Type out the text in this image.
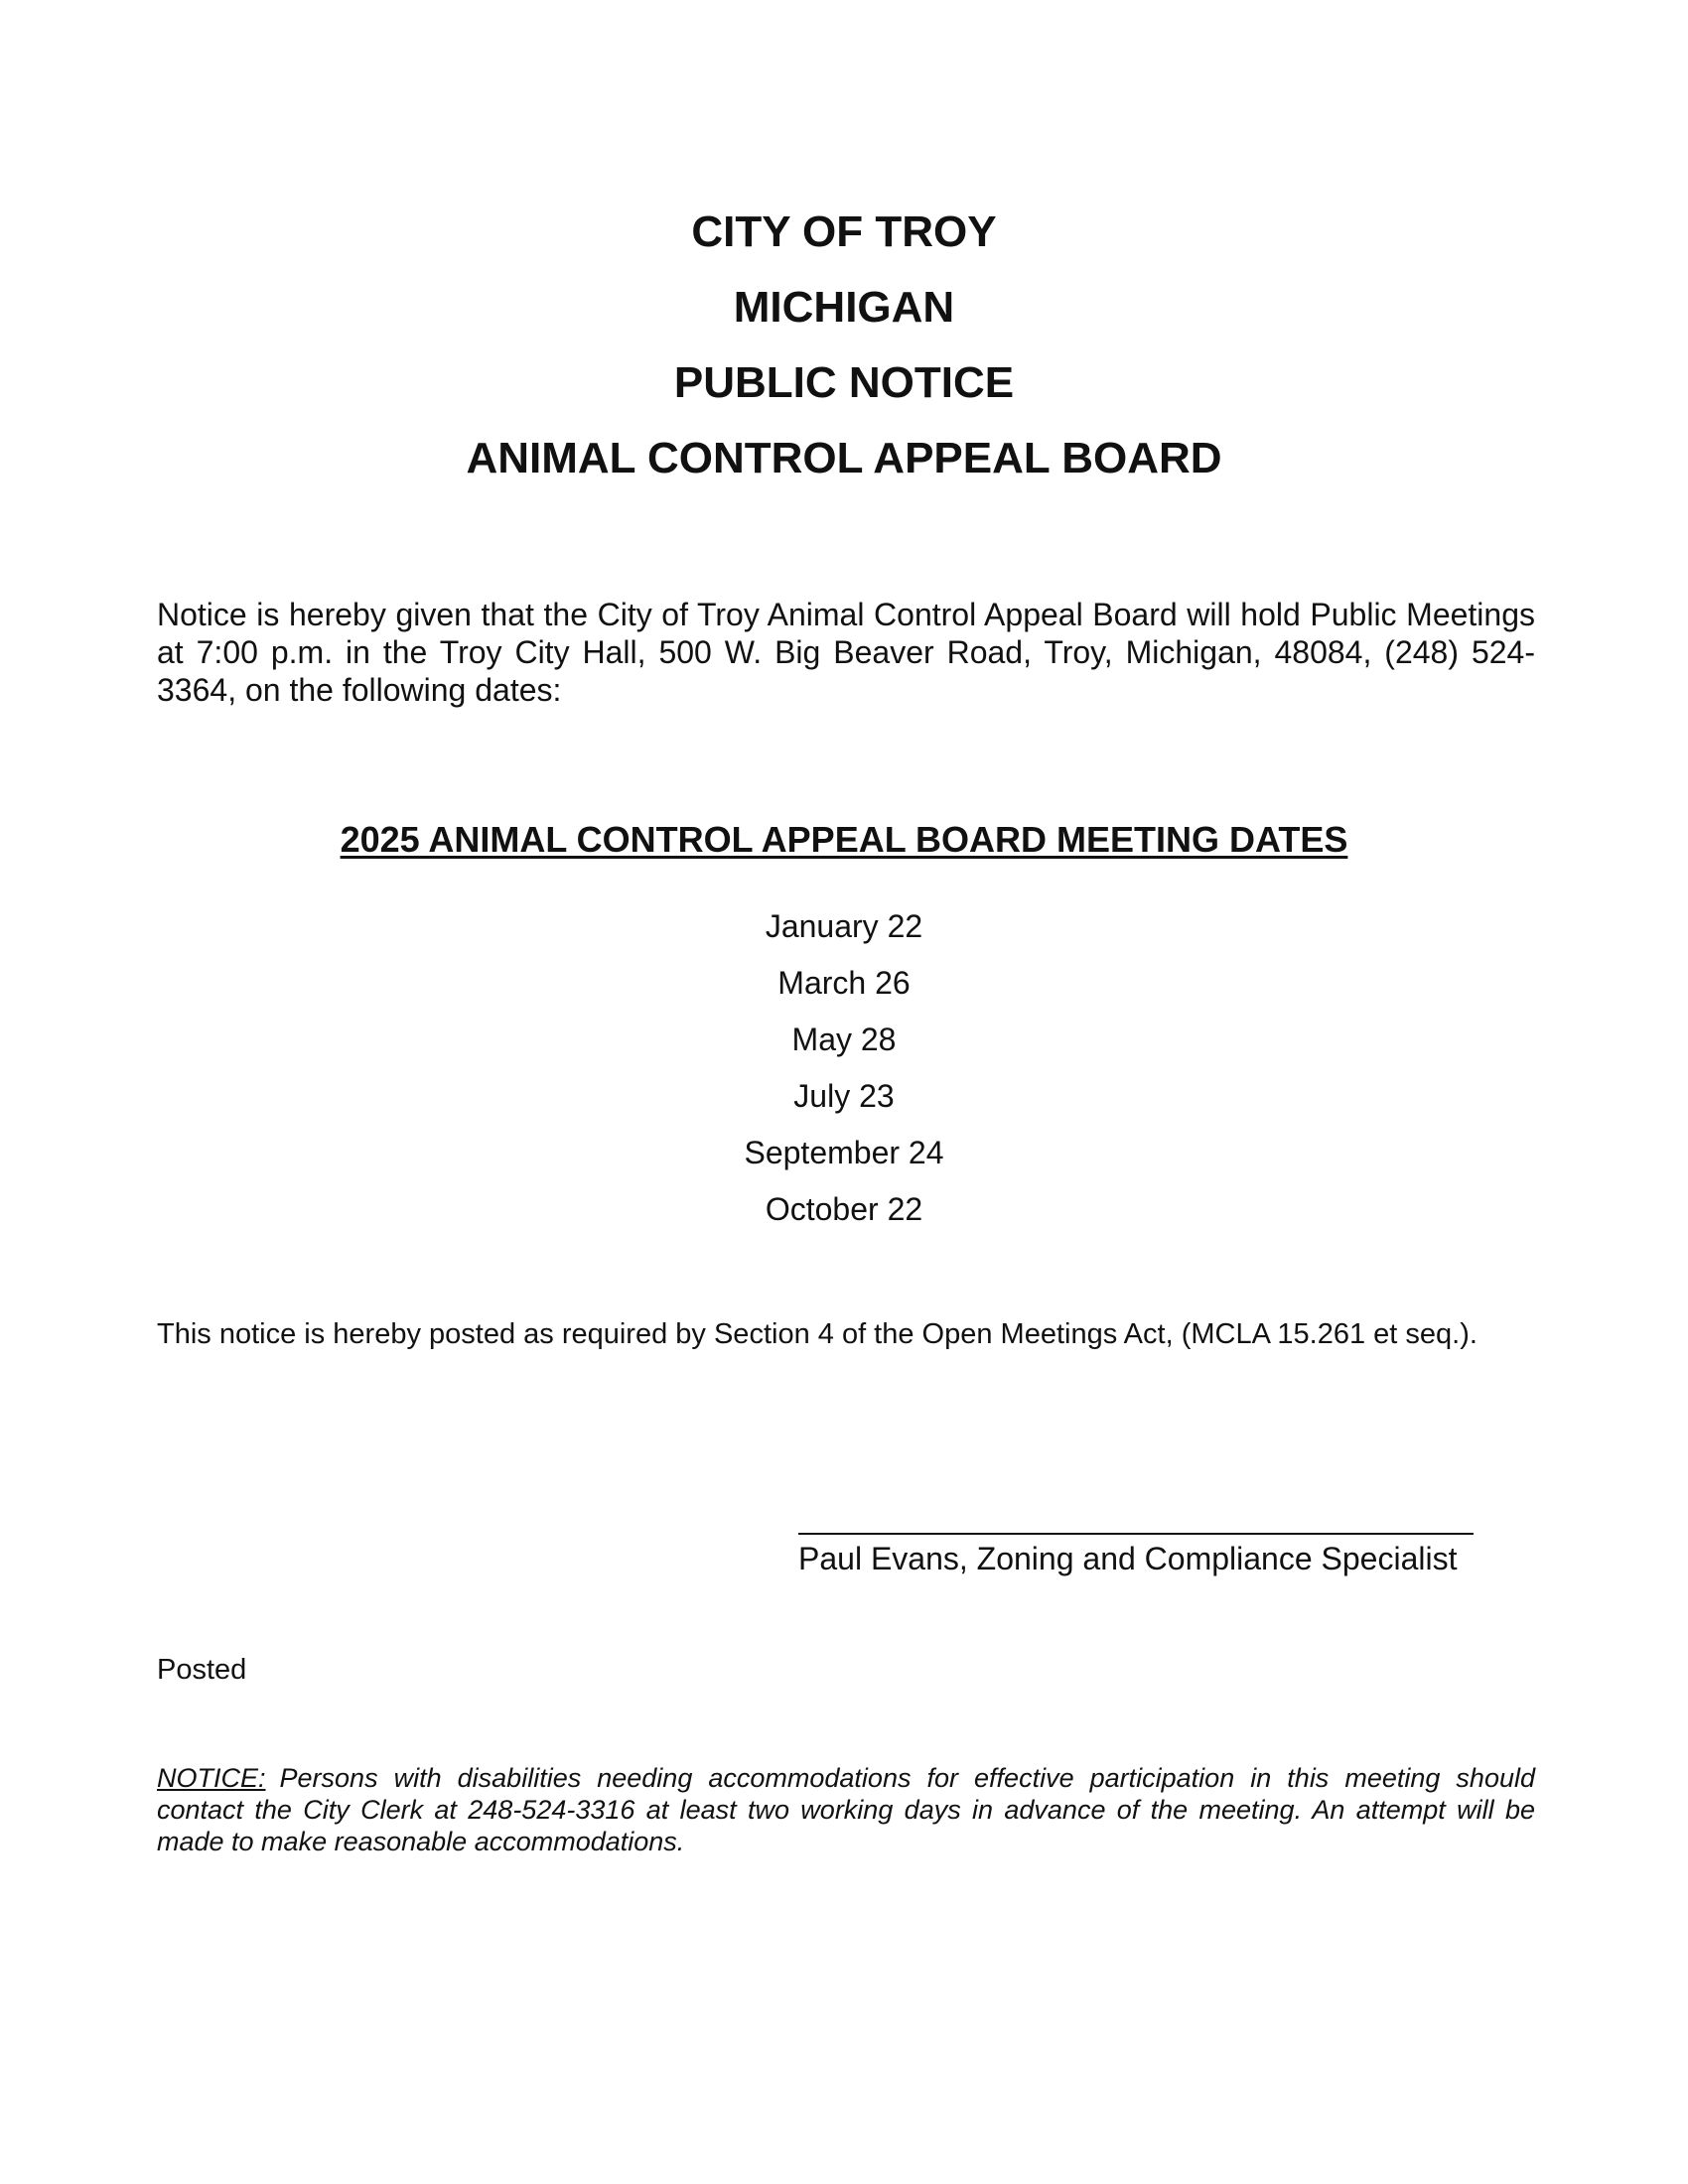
CITY OF TROY
MICHIGAN
PUBLIC NOTICE
ANIMAL CONTROL APPEAL BOARD

Notice is hereby given that the City of Troy Animal Control Appeal Board will hold Public Meetings at 7:00 p.m. in the Troy City Hall, 500 W. Big Beaver Road, Troy, Michigan, 48084, (248) 524-3364, on the following dates:

2025 ANIMAL CONTROL APPEAL BOARD MEETING DATES
January 22
March 26
May 28
July 23
September 24
October 22
This notice is hereby posted as required by Section 4 of the Open Meetings Act, (MCLA 15.261 et seq.).
Paul Evans, Zoning and Compliance Specialist
Posted

NOTICE: Persons with disabilities needing accommodations for effective participation in this meeting should contact the City Clerk at 248-524-3316 at least two working days in advance of the meeting. An attempt will be made to make reasonable accommodations.
